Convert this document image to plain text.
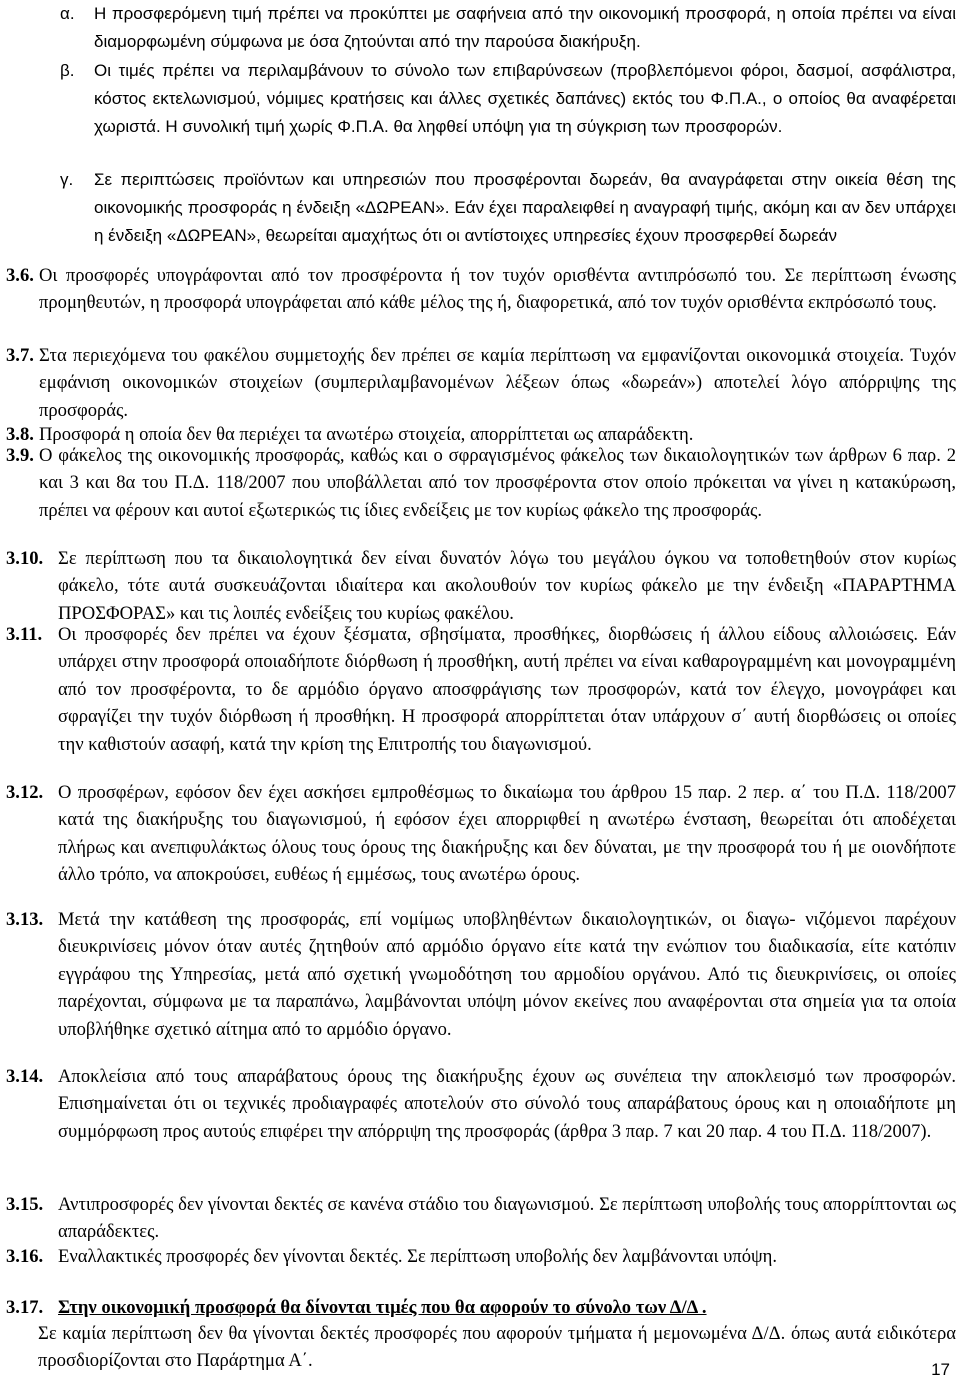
α. Η προσφερόμενη τιμή πρέπει να προκύπτει με σαφήνεια από την οικονομική προσφορά, η οποία πρέπει να είναι διαμορφωμένη σύμφωνα με όσα ζητούνται από την παρούσα διακήρυξη.
β. Οι τιμές πρέπει να περιλαμβάνουν το σύνολο των επιβαρύνσεων (προβλεπόμενοι φόροι, δασμοί, ασφάλιστρα, κόστος εκτελωνισμού, νόμιμες κρατήσεις και άλλες σχετικές δαπάνες) εκτός του Φ.Π.Α., ο οποίος θα αναφέρεται χωριστά. Η συνολική τιμή χωρίς Φ.Π.Α. θα ληφθεί υπόψη για τη σύγκριση των προσφορών.
γ. Σε περιπτώσεις προϊόντων και υπηρεσιών που προσφέρονται δωρεάν, θα αναγράφεται στην οικεία θέση της οικονομικής προσφοράς η ένδειξη «ΔΩΡΕΑΝ». Εάν έχει παραλειφθεί η αναγραφή τιμής, ακόμη και αν δεν υπάρχει η ένδειξη «ΔΩΡΕΑΝ», θεωρείται αμαχήτως ότι οι αντίστοιχες υπηρεσίες έχουν προσφερθεί δωρεάν
3.6. Οι προσφορές υπογράφονται από τον προσφέροντα ή τον τυχόν ορισθέντα αντιπρόσωπό του. Σε περίπτωση ένωσης προμηθευτών, η προσφορά υπογράφεται από κάθε μέλος της ή, διαφορετικά, από τον τυχόν ορισθέντα εκπρόσωπό τους.
3.7. Στα περιεχόμενα του φακέλου συμμετοχής δεν πρέπει σε καμία περίπτωση να εμφανίζονται οικονομικά στοιχεία. Τυχόν εμφάνιση οικονομικών στοιχείων (συμπεριλαμβανομένων λέξεων όπως «δωρεάν») αποτελεί λόγο απόρριψης της προσφοράς.
3.8. Προσφορά η οποία δεν θα περιέχει τα ανωτέρω στοιχεία, απορρίπτεται ως απαράδεκτη.
3.9. Ο φάκελος της οικονομικής προσφοράς, καθώς και ο σφραγισμένος φάκελος των δικαιολογητικών των άρθρων 6 παρ. 2 και 3 και 8α του Π.Δ. 118/2007 που υποβάλλεται από τον προσφέροντα στον οποίο πρόκειται να γίνει η κατακύρωση, πρέπει να φέρουν και αυτοί εξωτερικώς τις ίδιες ενδείξεις με τον κυρίως φάκελο της προσφοράς.
3.10. Σε περίπτωση που τα δικαιολογητικά δεν είναι δυνατόν λόγω του μεγάλου όγκου να τοποθετηθούν στον κυρίως φάκελο, τότε αυτά συσκευάζονται ιδιαίτερα και ακολουθούν τον κυρίως φάκελο με την ένδειξη «ΠΑΡΑΡΤΗΜΑ ΠΡΟΣΦΟΡΑΣ» και τις λοιπές ενδείξεις του κυρίως φακέλου.
3.11. Οι προσφορές δεν πρέπει να έχουν ξέσματα, σβησίματα, προσθήκες, διορθώσεις ή άλλου είδους αλλοιώσεις. Εάν υπάρχει στην προσφορά οποιαδήποτε διόρθωση ή προσθήκη, αυτή πρέπει να είναι καθαρογραμμένη και μονογραμμένη από τον προσφέροντα, το δε αρμόδιο όργανο αποσφράγισης των προσφορών, κατά τον έλεγχο, μονογράφει και σφραγίζει την τυχόν διόρθωση ή προσθήκη. Η προσφορά απορρίπτεται όταν υπάρχουν σ΄ αυτή διορθώσεις οι οποίες την καθιστούν ασαφή, κατά την κρίση της Επιτροπής του διαγωνισμού.
3.12. Ο προσφέρων, εφόσον δεν έχει ασκήσει εμπροθέσμως το δικαίωμα του άρθρου 15 παρ. 2 περ. α΄ του Π.Δ. 118/2007 κατά της διακήρυξης του διαγωνισμού, ή εφόσον έχει απορριφθεί η ανωτέρω ένσταση, θεωρείται ότι αποδέχεται πλήρως και ανεπιφυλάκτως όλους τους όρους της διακήρυξης και δεν δύναται, με την προσφορά του ή με οιονδήποτε άλλο τρόπο, να αποκρούσει, ευθέως ή εμμέσως, τους ανωτέρω όρους.
3.13. Μετά την κατάθεση της προσφοράς, επί νομίμως υποβληθέντων δικαιολογητικών, οι διαγω- νιζόμενοι παρέχουν διευκρινίσεις μόνον όταν αυτές ζητηθούν από αρμόδιο όργανο είτε κατά την ενώπιον του διαδικασία, είτε κατόπιν εγγράφου της Υπηρεσίας, μετά από σχετική γνωμοδότηση του αρμοδίου οργάνου. Από τις διευκρινίσεις, οι οποίες παρέχονται, σύμφωνα με τα παραπάνω, λαμβάνονται υπόψη μόνον εκείνες που αναφέρονται στα σημεία για τα οποία υποβλήθηκε σχετικό αίτημα από το αρμόδιο όργανο.
3.14. Αποκλείσια από τους απαράβατους όρους της διακήρυξης έχουν ως συνέπεια την αποκλεισμό των προσφορών. Επισημαίνεται ότι οι τεχνικές προδιαγραφές αποτελούν στο σύνολό τους απαράβατους όρους και η οποιαδήποτε μη συμμόρφωση προς αυτούς επιφέρει την απόρριψη της προσφοράς (άρθρα 3 παρ. 7 και 20 παρ. 4 του Π.Δ. 118/2007).
3.15. Αντιπροσφορές δεν γίνονται δεκτές σε κανένα στάδιο του διαγωνισμού. Σε περίπτωση υποβολής τους απορρίπτονται ως απαράδεκτες.
3.16. Εναλλακτικές προσφορές δεν γίνονται δεκτές. Σε περίπτωση υποβολής δεν λαμβάνονται υπόψη.
3.17. Στην οικονομική προσφορά θα δίνονται τιμές που θα αφορούν το σύνολο των Δ/Δ .
Σε καμία περίπτωση δεν θα γίνονται δεκτές προσφορές που αφορούν τμήματα ή μεμονωμένα Δ/Δ. όπως αυτά ειδικότερα προσδιορίζονται στο Παράρτημα Α΄.	17
